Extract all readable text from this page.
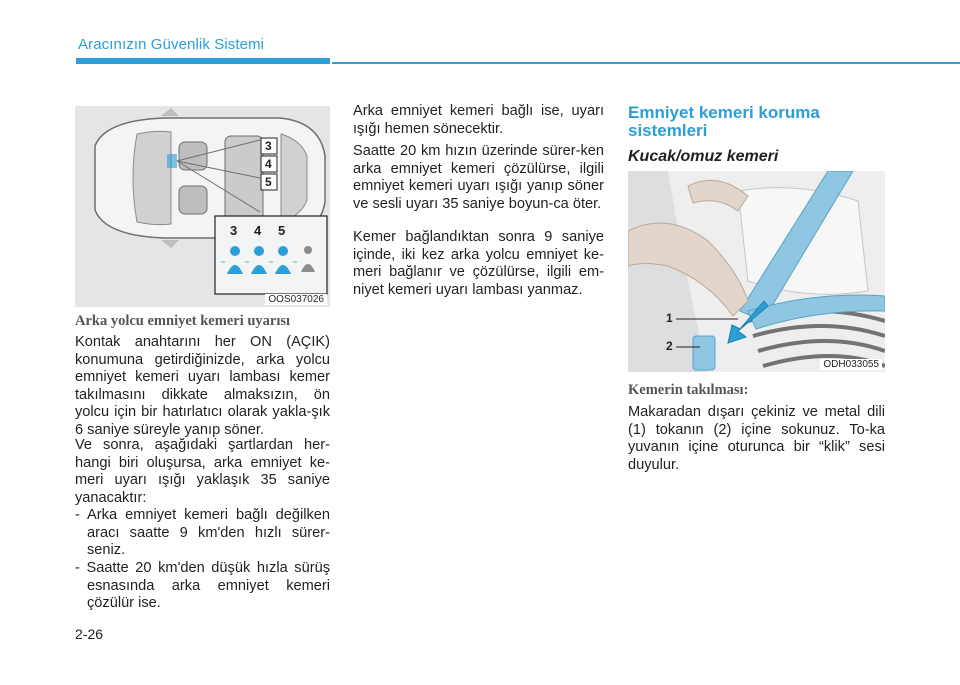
Aracınızın Güvenlik Sistemi
3
4
5
3 4 5
OOS037026
Arka yolcu emniyet kemeri uyarısı

Kontak anahtarını her ON (AÇIK) konumuna getirdiğinizde, arka yolcu emniyet kemeri uyarı lambası kemer takılmasını dikkate almaksızın, ön yolcu için bir hatırlatıcı olarak yakla-şık 6 saniye süreyle yanıp söner.

Ve sonra, aşağıdaki şartlardan her-hangi biri oluşursa, arka emniyet ke-meri uyarı ışığı yaklaşık 35 saniye yanacaktır:

- Arka emniyet kemeri bağlı değilken aracı saatte 9 km'den hızlı sürer-seniz.

- Saatte 20 km'den düşük hızla sürüş esnasında arka emniyet kemeri çözülür ise.

Arka emniyet kemeri bağlı ise, uyarı ışığı hemen sönecektir.

Saatte 20 km hızın üzerinde sürer-ken arka emniyet kemeri çözülürse, ilgili emniyet kemeri uyarı ışığı yanıp söner ve sesli uyarı 35 saniye boyun-ca öter.

Kemer bağlandıktan sonra 9 saniye içinde, iki kez arka yolcu emniyet ke-meri bağlanır ve çözülürse, ilgili em-niyet kemeri uyarı lambası yanmaz.

Emniyet kemeri koruma
sistemleri
Kucak/omuz kemeri
1
2
ODH033055
Kemerin takılması:

Makaradan dışarı çekiniz ve metal dili (1) tokanın (2) içine sokunuz. To-ka yuvanın içine oturunca bir “klik” sesi duyulur.

2-26
